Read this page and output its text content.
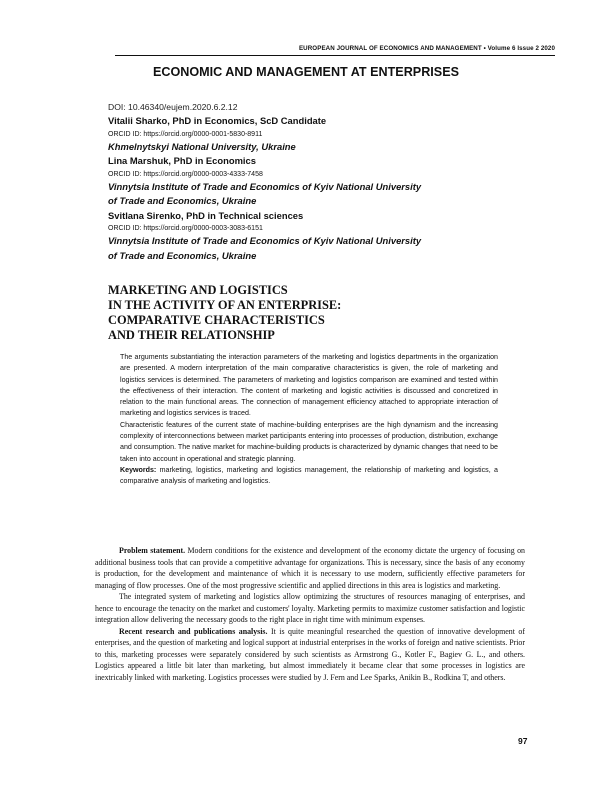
EUROPEAN JOURNAL OF ECONOMICS AND MANAGEMENT • Volume 6 Issue 2 2020
ECONOMIC AND MANAGEMENT AT ENTERPRISES
DOI: 10.46340/eujem.2020.6.2.12
Vitalii Sharko, PhD in Economics, ScD Candidate
ORCID ID: https://orcid.org/0000-0001-5830-8911
Khmelnytskyi National University, Ukraine
Lina Marshuk, PhD in Economics
ORCID ID: https://orcid.org/0000-0003-4333-7458
Vinnytsia Institute of Trade and Economics of Kyiv National University
of Trade and Economics, Ukraine
Svitlana Sirenko, PhD in Technical sciences
ORCID ID: https://orcid.org/0000-0003-3083-6151
Vinnytsia Institute of Trade and Economics of Kyiv National University
of Trade and Economics, Ukraine
MARKETING AND LOGISTICS
IN THE ACTIVITY OF AN ENTERPRISE:
COMPARATIVE CHARACTERISTICS
AND THEIR RELATIONSHIP

The arguments substantiating the interaction parameters of the marketing and logistics departments in the organization are presented. A modern interpretation of the main comparative characteristics is given, the role of marketing and logistics services is determined. The parameters of marketing and logistics comparison are examined and tested within the effectiveness of their interaction. The content of marketing and logistic activities is discussed and concretized in relation to the main functional areas. The connection of management efficiency attached to appropriate interaction of marketing and logistics services is traced.

Characteristic features of the current state of machine-building enterprises are the high dynamism and the increasing complexity of interconnections between market participants entering into processes of production, distribution, exchange and consumption. The native market for machine-building products is characterized by dynamic changes that need to be taken into account in operational and strategic planning.

Keywords: marketing, logistics, marketing and logistics management, the relationship of marketing and logistics, a comparative analysis of marketing and logistics.

Problem statement. Modern conditions for the existence and development of the economy dictate the urgency of focusing on additional business tools that can provide a competitive advantage for organizations. This is necessary, since the basis of any economy is production, for the development and maintenance of which it is necessary to use modern, sufficiently effective parameters for managing of flow processes. One of the most progressive scientific and applied directions in this area is logistics and marketing.

The integrated system of marketing and logistics allow optimizing the structures of resources managing of enterprises, and hence to encourage the tenacity on the market and customers' loyalty. Marketing permits to maximize customer satisfaction and logistic integration allow delivering the necessary goods to the right place in right time with minimum expenses.

Recent research and publications analysis. It is quite meaningful researched the question of innovative development of enterprises, and the question of marketing and logical support at industrial enterprises in the works of foreign and native scientists. Prior to this, marketing processes were separately considered by such scientists as Armstrong G., Kotler F., Bagiev G. L., and others. Logistics appeared a little bit later than marketing, but almost immediately it became clear that some processes in logistics are inextricably linked with marketing. Logistics processes were studied by J. Fern and Lee Sparks, Anikin B., Rodkina T, and others.

97
